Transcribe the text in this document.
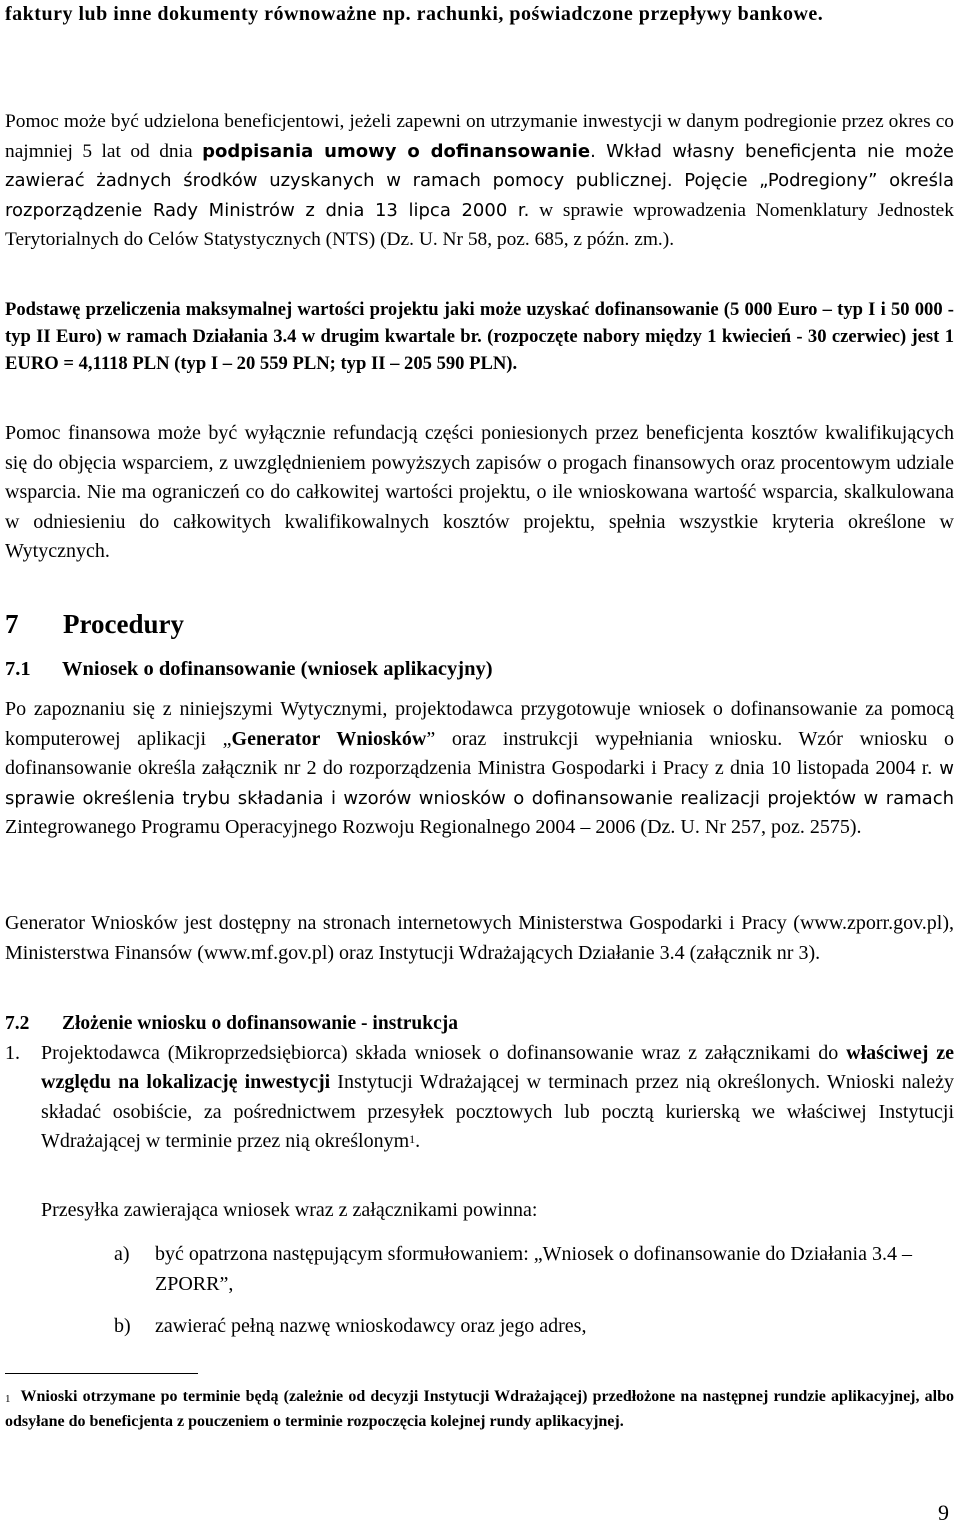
faktury lub inne dokumenty równoważne np. rachunki, poświadczone przepływy bankowe.

Pomoc może być udzielona beneficjentowi, jeżeli zapewni on utrzymanie inwestycji w danym podregionie przez okres co najmniej 5 lat od dnia podpisania umowy o dofinansowanie. Wkład własny beneficjenta nie może zawierać żadnych środków uzyskanych w ramach pomocy publicznej. Pojęcie „Podregiony” określa rozporządzenie Rady Ministrów z dnia 13 lipca 2000 r. w sprawie wprowadzenia Nomenklatury Jednostek Terytorialnych do Celów Statystycznych (NTS) (Dz. U. Nr 58, poz. 685, z późn. zm.).

Podstawę przeliczenia maksymalnej wartości projektu jaki może uzyskać dofinansowanie (5 000 Euro – typ I i 50 000 - typ II Euro) w ramach Działania 3.4 w drugim kwartale br. (rozpoczęte nabory między 1 kwiecień - 30 czerwiec) jest 1 EURO = 4,1118 PLN (typ I – 20 559 PLN; typ II – 205 590 PLN).

Pomoc finansowa może być wyłącznie refundacją części poniesionych przez beneficjenta kosztów kwalifikujących się do objęcia wsparciem, z uwzględnieniem powyższych zapisów o progach finansowych oraz procentowym udziale wsparcia. Nie ma ograniczeń co do całkowitej wartości projektu, o ile wnioskowana wartość wsparcia, skalkulowana w odniesieniu do całkowitych kwalifikowalnych kosztów projektu, spełnia wszystkie kryteria określone w Wytycznych.

7 Procedury
7.1 Wniosek o dofinansowanie (wniosek aplikacyjny)

Po zapoznaniu się z niniejszymi Wytycznymi, projektodawca przygotowuje wniosek o dofinansowanie za pomocą komputerowej aplikacji „Generator Wniosków” oraz instrukcji wypełniania wniosku. Wzór wniosku o dofinansowanie określa załącznik nr 2 do rozporządzenia Ministra Gospodarki i Pracy z dnia 10 listopada 2004 r. w sprawie określenia trybu składania i wzorów wniosków o dofinansowanie realizacji projektów w ramach Zintegrowanego Programu Operacyjnego Rozwoju Regionalnego 2004 – 2006 (Dz. U. Nr 257, poz. 2575).

Generator Wniosków jest dostępny na stronach internetowych Ministerstwa Gospodarki i Pracy (www.zporr.gov.pl), Ministerstwa Finansów (www.mf.gov.pl) oraz Instytucji Wdrażających Działanie 3.4 (załącznik nr 3).

7.2 Złożenie wniosku o dofinansowanie - instrukcja
1. Projektodawca (Mikroprzedsiębiorca) składa wniosek o dofinansowanie wraz z załącznikami do właściwej ze względu na lokalizację inwestycji Instytucji Wdrażającej w terminach przez nią określonych. Wnioski należy składać osobiście, za pośrednictwem przesyłek pocztowych lub pocztą kurierską we właściwej Instytucji Wdrażającej w terminie przez nią określonym$^1$.

Przesyłka zawierająca wniosek wraz z załącznikami powinna:

a) być opatrzona następującym sformułowaniem: „Wniosek o dofinansowanie do Działania 3.4 – ZPORR”,

b) zawierać pełną nazwę wnioskodawcy oraz jego adres,

$^1$ Wnioski otrzymane po terminie będą (zależnie od decyzji Instytucji Wdrażającej) przedłożone na następnej rundzie aplikacyjnej, albo odsyłane do beneficjenta z pouczeniem o terminie rozpoczęcia kolejnej rundy aplikacyjnej.

9
